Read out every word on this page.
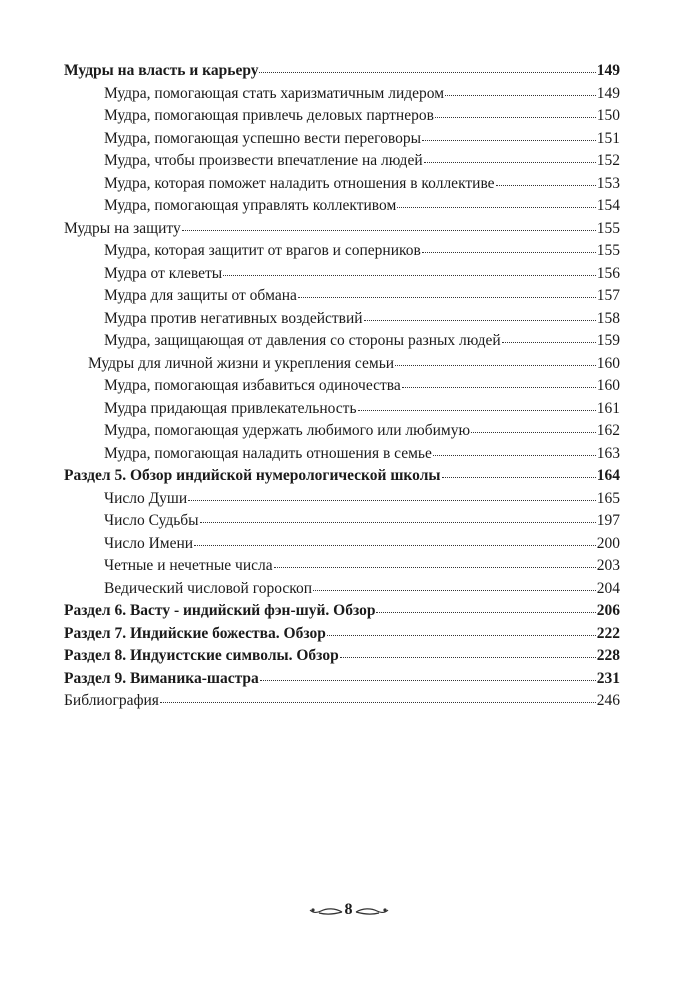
Мудры на власть и карьеру	149
Мудра, помогающая стать харизматичным лидером	149
Мудра, помогающая привлечь деловых партнеров	150
Мудра, помогающая успешно вести переговоры	151
Мудра, чтобы произвести впечатление на людей	152
Мудра, которая поможет наладить отношения в коллективе	153
Мудра, помогающая управлять коллективом	154
Мудры на защиту	155
Мудра, которая защитит от врагов и соперников	155
Мудра от клеветы	156
Мудра для защиты от обмана	157
Мудра против негативных воздействий	158
Мудра, защищающая от давления со стороны разных людей	159
Мудры для личной жизни и укрепления семьи	160
Мудра, помогающая избавиться одиночества	160
Мудра придающая привлекательность	161
Мудра, помогающая удержать любимого или любимую	162
Мудра, помогающая наладить отношения в семье	163
Раздел 5. Обзор индийской нумерологической школы	164
Число Души	165
Число Судьбы	197
Число Имени	200
Четные и нечетные числа	203
Ведический числовой гороскоп	204
Раздел 6. Васту - индийский фэн-шуй. Обзор	206
Раздел 7. Индийские божества. Обзор	222
Раздел 8. Индуистские символы. Обзор	228
Раздел 9. Виманика-шастра	231
Библиография	246
8
